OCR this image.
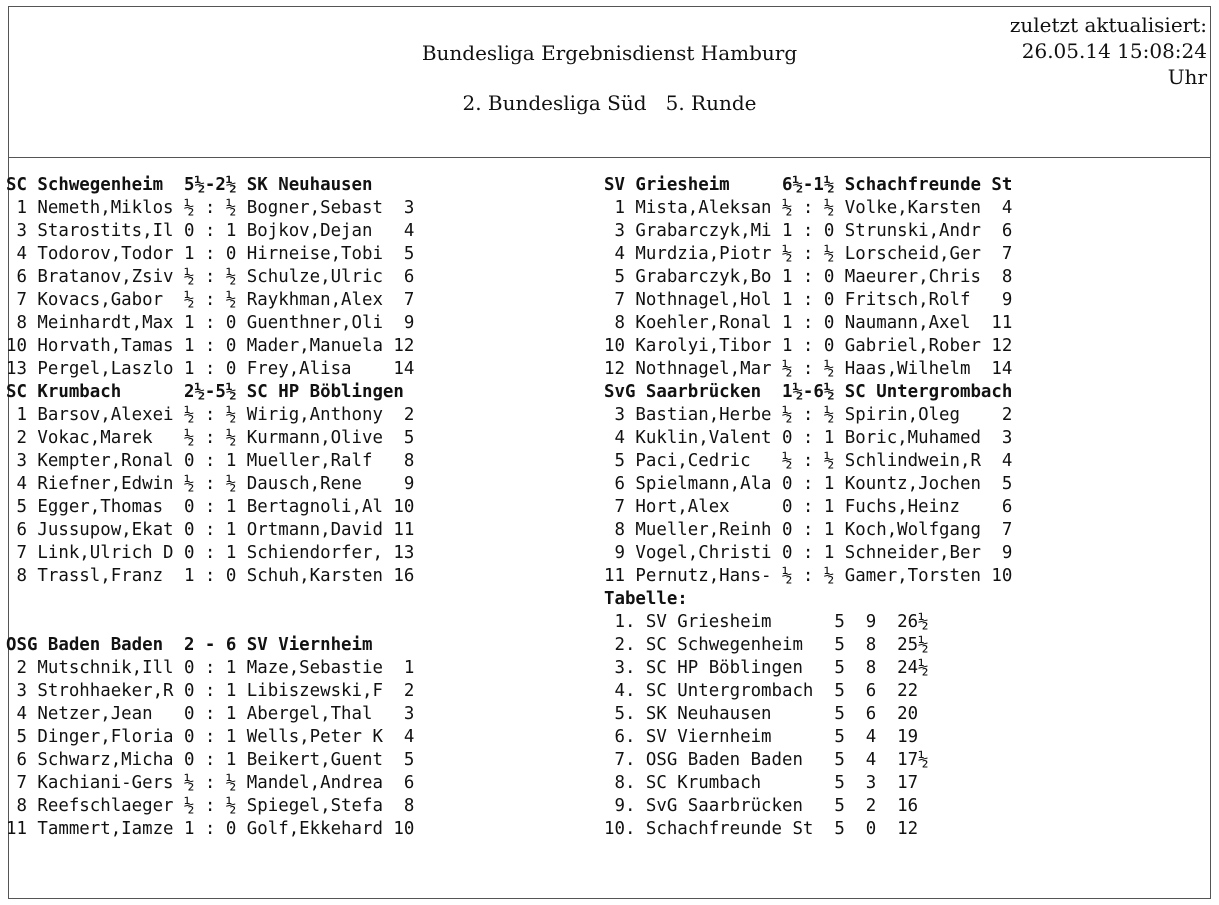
Bundesliga Ergebnisdienst Hamburg
2. Bundesliga Süd   5. Runde
zuletzt aktualisiert:
26.05.14 15:08:24
Uhr
SC Schwegenheim  5½-2½ SK Neuhausen
1 Nemeth,Miklos ½ : ½ Bogner,Sebast  3
3 Starostits,Il 0 : 1 Bojkov,Dejan   4
4 Todorov,Todor 1 : 0 Hirneise,Tobi  5
6 Bratanov,Zsiv ½ : ½ Schulze,Ulric  6
7 Kovacs,Gabor  ½ : ½ Raykhman,Alex  7
8 Meinhardt,Max 1 : 0 Guenthner,Oli  9
10 Horvath,Tamas 1 : 0 Mader,Manuela 12
13 Pergel,Laszlo 1 : 0 Frey,Alisa    14
SC Krumbach      2½-5½ SC HP Böblingen
1 Barsov,Alexei ½ : ½ Wirig,Anthony  2
2 Vokac,Marek   ½ : ½ Kurmann,Olive  5
3 Kempter,Ronal 0 : 1 Mueller,Ralf   8
4 Riefner,Edwin ½ : ½ Dausch,Rene    9
5 Egger,Thomas  0 : 1 Bertagnoli,Al 10
6 Jussupow,Ekat 0 : 1 Ortmann,David 11
7 Link,Ulrich D 0 : 1 Schiendorfer, 13
8 Trassl,Franz  1 : 0 Schuh,Karsten 16
OSG Baden Baden  2 - 6 SV Viernheim
2 Mutschnik,Ill 0 : 1 Maze,Sebastie  1
3 Strohhaeker,R 0 : 1 Libiszewski,F  2
4 Netzer,Jean   0 : 1 Abergel,Thal   3
5 Dinger,Floria 0 : 1 Wells,Peter K  4
6 Schwarz,Micha 0 : 1 Beikert,Guent  5
7 Kachiani-Gers ½ : ½ Mandel,Andrea  6
8 Reefschlaeger ½ : ½ Spiegel,Stefa  8
11 Tammert,Iamze 1 : 0 Golf,Ekkehard 10
SV Griesheim     6½-1½ Schachfreunde St
1 Mista,Aleksan ½ : ½ Volke,Karsten  4
3 Grabarczyk,Mi 1 : 0 Strunski,Andr  6
4 Murdzia,Piotr ½ : ½ Lorscheid,Ger  7
5 Grabarczyk,Bo 1 : 0 Maeurer,Chris  8
7 Nothnagel,Hol 1 : 0 Fritsch,Rolf   9
8 Koehler,Ronal 1 : 0 Naumann,Axel  11
10 Karolyi,Tibor 1 : 0 Gabriel,Rober 12
12 Nothnagel,Mar ½ : ½ Haas,Wilhelm  14
SvG Saarbrücken  1½-6½ SC Untergrombach
3 Bastian,Herbe ½ : ½ Spirin,Oleg    2
4 Kuklin,Valent 0 : 1 Boric,Muhamed  3
5 Paci,Cedric   ½ : ½ Schlindwein,R  4
6 Spielmann,Ala 0 : 1 Kountz,Jochen  5
7 Hort,Alex     0 : 1 Fuchs,Heinz    6
8 Mueller,Reinh 0 : 1 Koch,Wolfgang  7
9 Vogel,Christi 0 : 1 Schneider,Ber  9
11 Pernutz,Hans- ½ : ½ Gamer,Torsten 10
Tabelle:
1. SV Griesheim      5  9  26½
2. SC Schwegenheim   5  8  25½
3. SC HP Böblingen   5  8  24½
4. SC Untergrombach  5  6  22
5. SK Neuhausen      5  6  20
6. SV Viernheim      5  4  19
7. OSG Baden Baden   5  4  17½
8. SC Krumbach       5  3  17
9. SvG Saarbrücken   5  2  16
10. Schachfreunde St  5  0  12
